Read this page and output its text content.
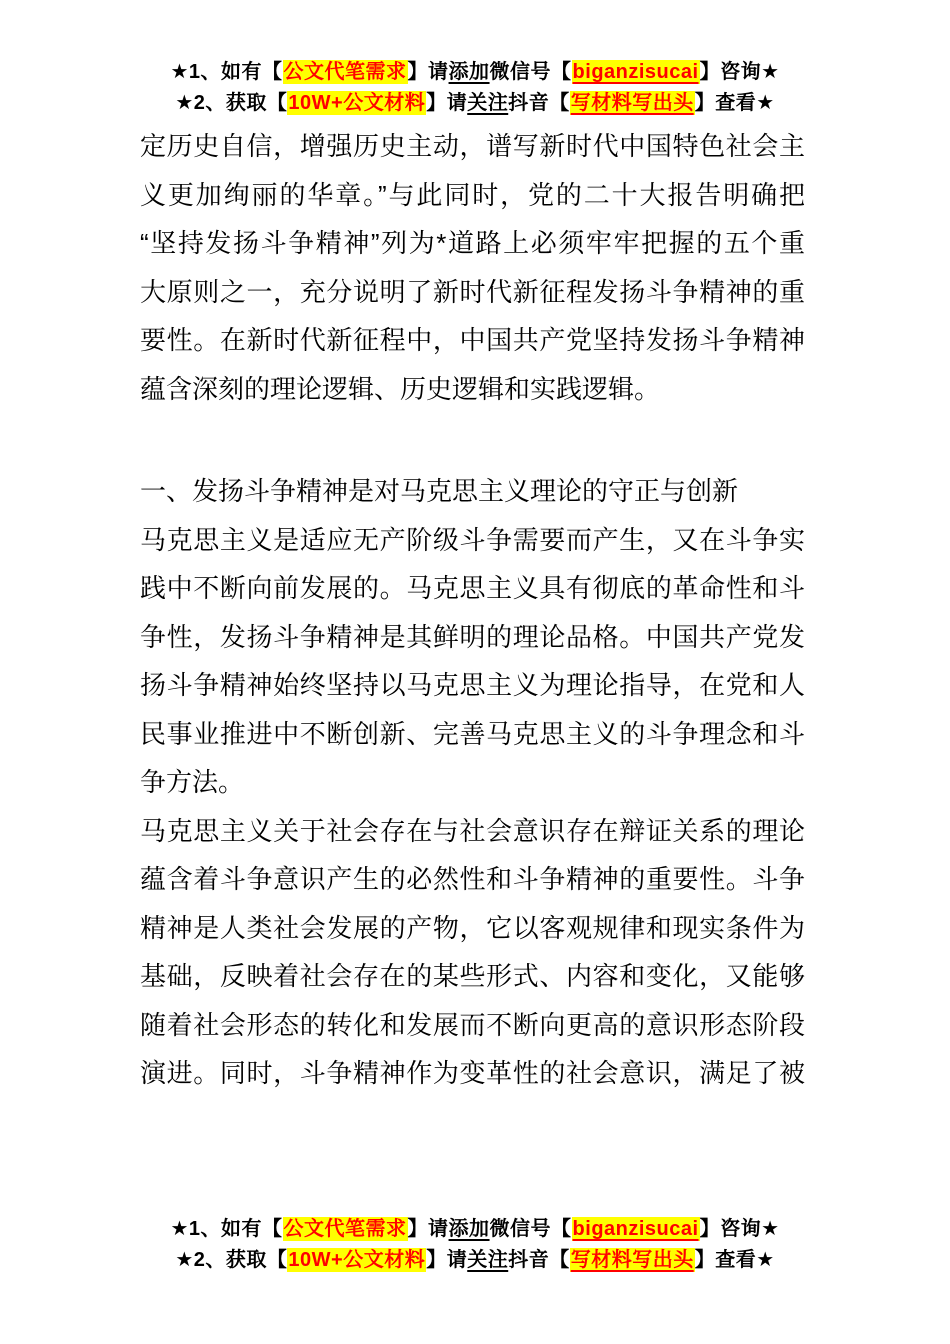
★1、如有【公文代笔需求】请添加微信号【biganzisucai】咨询★
★2、获取【10W+公文材料】请关注抖音【写材料写出头】查看★
定历史自信，增强历史主动，谱写新时代中国特色社会主
义更加绚丽的华章。”与此同时，党的二十大报告明确把
“坚持发扬斗争精神”列为*道路上必须牢牢把握的五个重
大原则之一，充分说明了新时代新征程发扬斗争精神的重
要性。在新时代新征程中，中国共产党坚持发扬斗争精神
蕴含深刻的理论逻辑、历史逻辑和实践逻辑。
一、发扬斗争精神是对马克思主义理论的守正与创新
马克思主义是适应无产阶级斗争需要而产生，又在斗争实
践中不断向前发展的。马克思主义具有彻底的革命性和斗
争性，发扬斗争精神是其鲜明的理论品格。中国共产党发
扬斗争精神始终坚持以马克思主义为理论指导，在党和人
民事业推进中不断创新、完善马克思主义的斗争理念和斗
争方法。
马克思主义关于社会存在与社会意识存在辩证关系的理论
蕴含着斗争意识产生的必然性和斗争精神的重要性。斗争
精神是人类社会发展的产物，它以客观规律和现实条件为
基础，反映着社会存在的某些形式、内容和变化，又能够
随着社会形态的转化和发展而不断向更高的意识形态阶段
演进。同时，斗争精神作为变革性的社会意识，满足了被
★1、如有【公文代笔需求】请添加微信号【biganzisucai】咨询★
★2、获取【10W+公文材料】请关注抖音【写材料写出头】查看★
